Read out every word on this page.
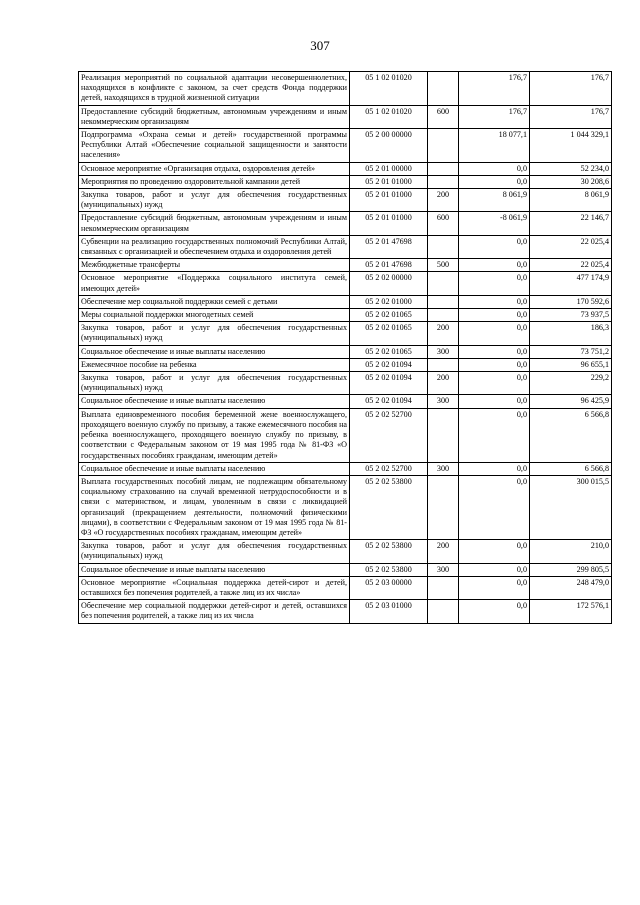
307
Реализация мероприятий по социальной адаптации несовершеннолетних, находящихся в конфликте с законом, за счет средств Фонда поддержки детей, находящихся в трудной жизненной ситуации	05 1 02 01020		176,7	176,7
Предоставление субсидий бюджетным, автономным учреждениям и иным некоммерческим организациям	05 1 02 01020	600	176,7	176,7
Подпрограмма «Охрана семьи и детей» государственной программы Республики Алтай «Обеспечение социальной защищенности и занятости населения»	05 2 00 00000		18 077,1	1 044 329,1
Основное мероприятие «Организация отдыха, оздоровления детей»	05 2 01 00000		0,0	52 234,0
Мероприятия по проведению оздоровительной кампании детей	05 2 01 01000		0,0	30 208,6
Закупка товаров, работ и услуг для обеспечения государственных (муниципальных) нужд	05 2 01 01000	200	8 061,9	8 061,9
Предоставление субсидий бюджетным, автономным учреждениям и иным некоммерческим организациям	05 2 01 01000	600	-8 061,9	22 146,7
Субвенции на реализацию государственных полномочий Республики Алтай, связанных с организацией и обеспечением отдыха и оздоровления детей	05 2 01 47698		0,0	22 025,4
Межбюджетные трансферты	05 2 01 47698	500	0,0	22 025,4
Основное мероприятие «Поддержка социального института семей, имеющих детей»	05 2 02 00000		0,0	477 174,9
Обеспечение мер социальной поддержки семей с детьми	05 2 02 01000		0,0	170 592,6
Меры социальной поддержки многодетных семей	05 2 02 01065		0,0	73 937,5
Закупка товаров, работ и услуг для обеспечения государственных (муниципальных) нужд	05 2 02 01065	200	0,0	186,3
Социальное обеспечение и иные выплаты населению	05 2 02 01065	300	0,0	73 751,2
Ежемесячное пособие на ребенка	05 2 02 01094		0,0	96 655,1
Закупка товаров, работ и услуг для обеспечения государственных (муниципальных) нужд	05 2 02 01094	200	0,0	229,2
Социальное обеспечение и иные выплаты населению	05 2 02 01094	300	0,0	96 425,9
Выплата единовременного пособия беременной жене военнослужащего, проходящего военную службу по призыву, а также ежемесячного пособия на ребенка военнослужащего, проходящего военную службу по призыву, в соответствии с Федеральным законом от 19 мая 1995 года № 81-ФЗ «О государственных пособиях гражданам, имеющим детей»	05 2 02 52700		0,0	6 566,8
Социальное обеспечение и иные выплаты населению	05 2 02 52700	300	0,0	6 566,8
Выплата государственных пособий лицам, не подлежащим обязательному социальному страхованию на случай временной нетрудоспособности и в связи с материнством, и лицам, уволенным в связи с ликвидацией организаций (прекращением деятельности, полномочий физическими лицами), в соответствии с Федеральным законом от 19 мая 1995 года № 81-ФЗ «О государственных пособиях гражданам, имеющим детей»	05 2 02 53800		0,0	300 015,5
Закупка товаров, работ и услуг для обеспечения государственных (муниципальных) нужд	05 2 02 53800	200	0,0	210,0
Социальное обеспечение и иные выплаты населению	05 2 02 53800	300	0,0	299 805,5
Основное мероприятие «Социальная поддержка детей-сирот и детей, оставшихся без попечения родителей, а также лиц из их числа»	05 2 03 00000		0,0	248 479,0
Обеспечение мер социальной поддержки детей-сирот и детей, оставшихся без попечения родителей, а также лиц из их числа	05 2 03 01000		0,0	172 576,1
